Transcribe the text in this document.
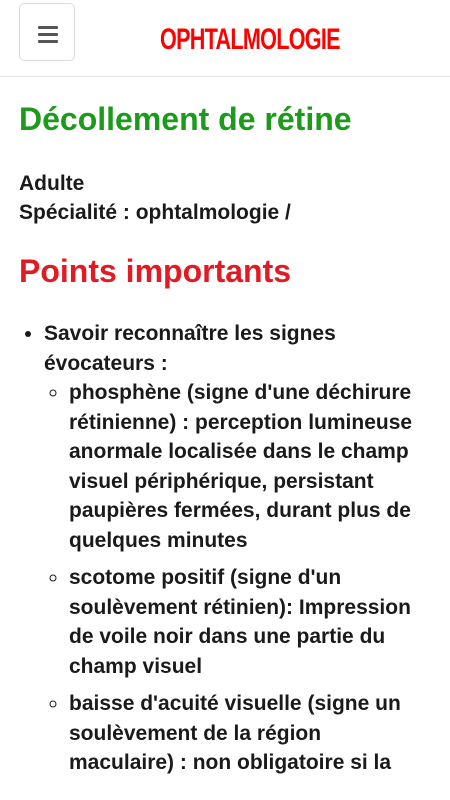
OPHTALMOLOGIE
Décollement de rétine
Adulte
Spécialité : ophtalmologie /
Points importants
• Savoir reconnaître les signes évocateurs :
◦ phosphène (signe d'une déchirure rétinienne) : perception lumineuse anormale localisée dans le champ visuel périphérique, persistant paupières fermées, durant plus de quelques minutes
◦ scotome positif (signe d'un soulèvement rétinien): Impression de voile noir dans une partie du champ visuel
◦ baisse d'acuité visuelle (signe un soulèvement de la région maculaire) : non obligatoire si la
